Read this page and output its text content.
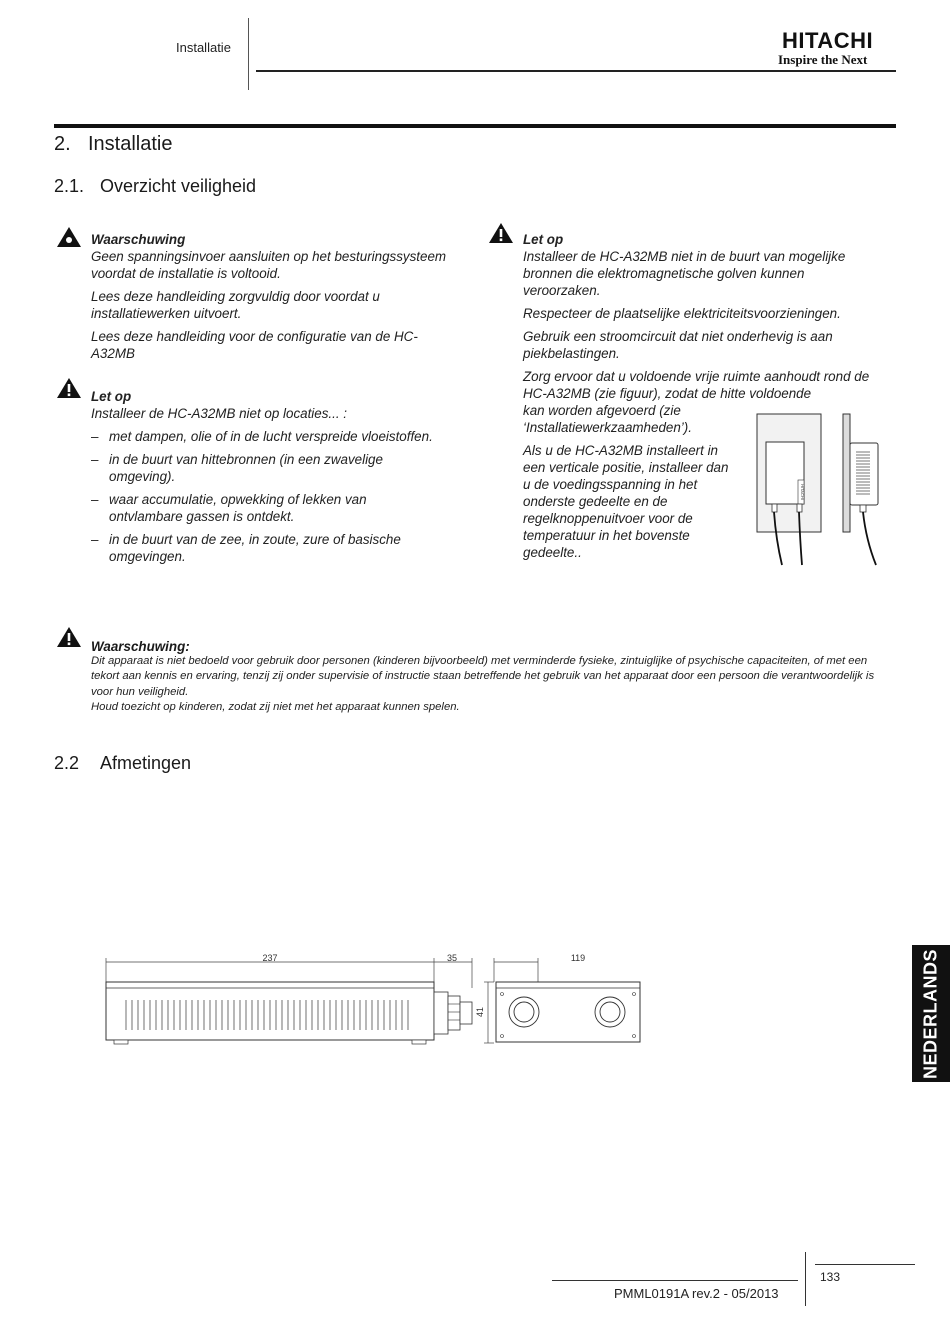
Installatie	HITACHI
Inspire the Next
2. Installatie
2.1. Overzicht veiligheid
Waarschuwing

Geen spanningsinvoer aansluiten op het besturingssysteem voordat de installatie is voltooid.

Lees deze handleiding zorgvuldig door voordat u installatiewerken uitvoert.

Lees deze handleiding voor de configuratie van de HC-A32MB

Let op

Installeer de HC-A32MB niet op locaties... :

– met dampen, olie of in de lucht verspreide vloeistoffen.
– in de buurt van hittebronnen (in een zwavelige omgeving).
– waar accumulatie, opwekking of lekken van ontvlambare gassen is ontdekt.
– in de buurt van de zee, in zoute, zure of basische omgevingen.
Let op

Installeer de HC-A32MB niet in de buurt van mogelijke bronnen die elektromagnetische golven kunnen veroorzaken.

Respecteer de plaatselijke elektriciteitsvoorzieningen.

Gebruik een stroomcircuit dat niet onderhevig is aan piekbelastingen.

Zorg ervoor dat u voldoende vrije ruimte aanhoudt rond de HC-A32MB (zie figuur), zodat de hitte voldoende
kan worden afgevoerd (zie ‘Installatiewerkzaamheden’).
Als u de HC-A32MB installeert in een verticale positie, installeer dan u de voedingsspanning in het onderste gedeelte en de regelknoppenuitvoer voor de temperatuur in het bovenste gedeelte..
HITACHI
Waarschuwing:
Dit apparaat is niet bedoeld voor gebruik door personen (kinderen bijvoorbeeld) met verminderde fysieke, zintuiglijke of psychische capaciteiten, of met een tekort aan kennis en ervaring, tenzij zij onder supervisie of instructie staan betreffende het gebruik van het apparaat door een persoon die verantwoordelijk is voor hun veiligheid.
Houd toezicht op kinderen, zodat zij niet met het apparaat kunnen spelen.
2.2 Afmetingen
237	35	119
41	NEDERLANDS
PMML0191A rev.2 - 05/2013
133
